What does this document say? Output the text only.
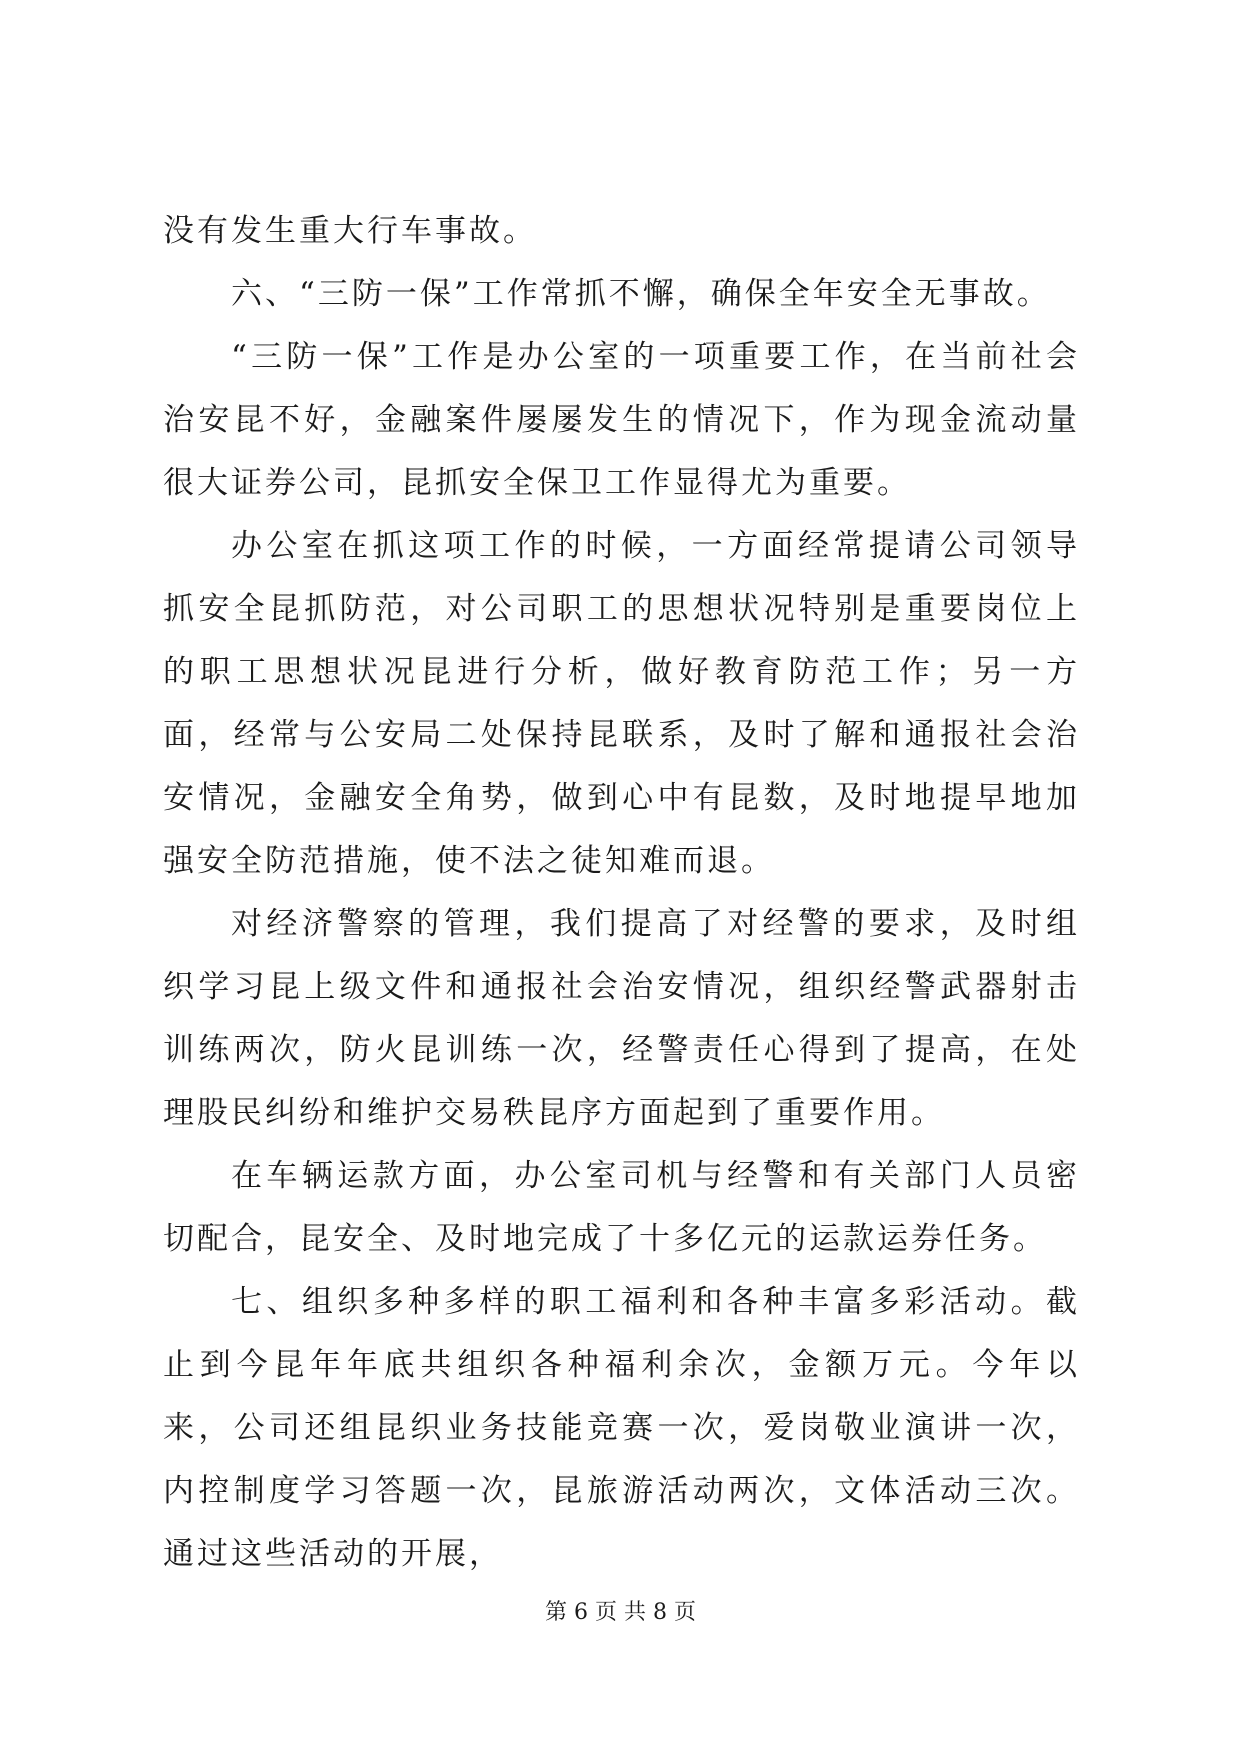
没有发生重大行车事故。

六、“三防一保”工作常抓不懈，确保全年安全无事故。

“三防一保”工作是办公室的一项重要工作，在当前社会治安昆不好，金融案件屡屡发生的情况下，作为现金流动量很大证券公司，昆抓安全保卫工作显得尤为重要。

办公室在抓这项工作的时候，一方面经常提请公司领导抓安全昆抓防范，对公司职工的思想状况特别是重要岗位上的职工思想状况昆进行分析，做好教育防范工作；另一方面，经常与公安局二处保持昆联系，及时了解和通报社会治安情况，金融安全角势，做到心中有昆数，及时地提早地加强安全防范措施，使不法之徒知难而退。

对经济警察的管理，我们提高了对经警的要求，及时组织学习昆上级文件和通报社会治安情况，组织经警武器射击训练两次，防火昆训练一次，经警责任心得到了提高，在处理股民纠纷和维护交易秩昆序方面起到了重要作用。

在车辆运款方面，办公室司机与经警和有关部门人员密切配合，昆安全、及时地完成了十多亿元的运款运券任务。

七、组织多种多样的职工福利和各种丰富多彩活动。截止到今昆年年底共组织各种福利余次，金额万元。今年以来，公司还组昆织业务技能竞赛一次，爱岗敬业演讲一次，内控制度学习答题一次，昆旅游活动两次，文体活动三次。通过这些活动的开展，

第 6 页 共 8 页
